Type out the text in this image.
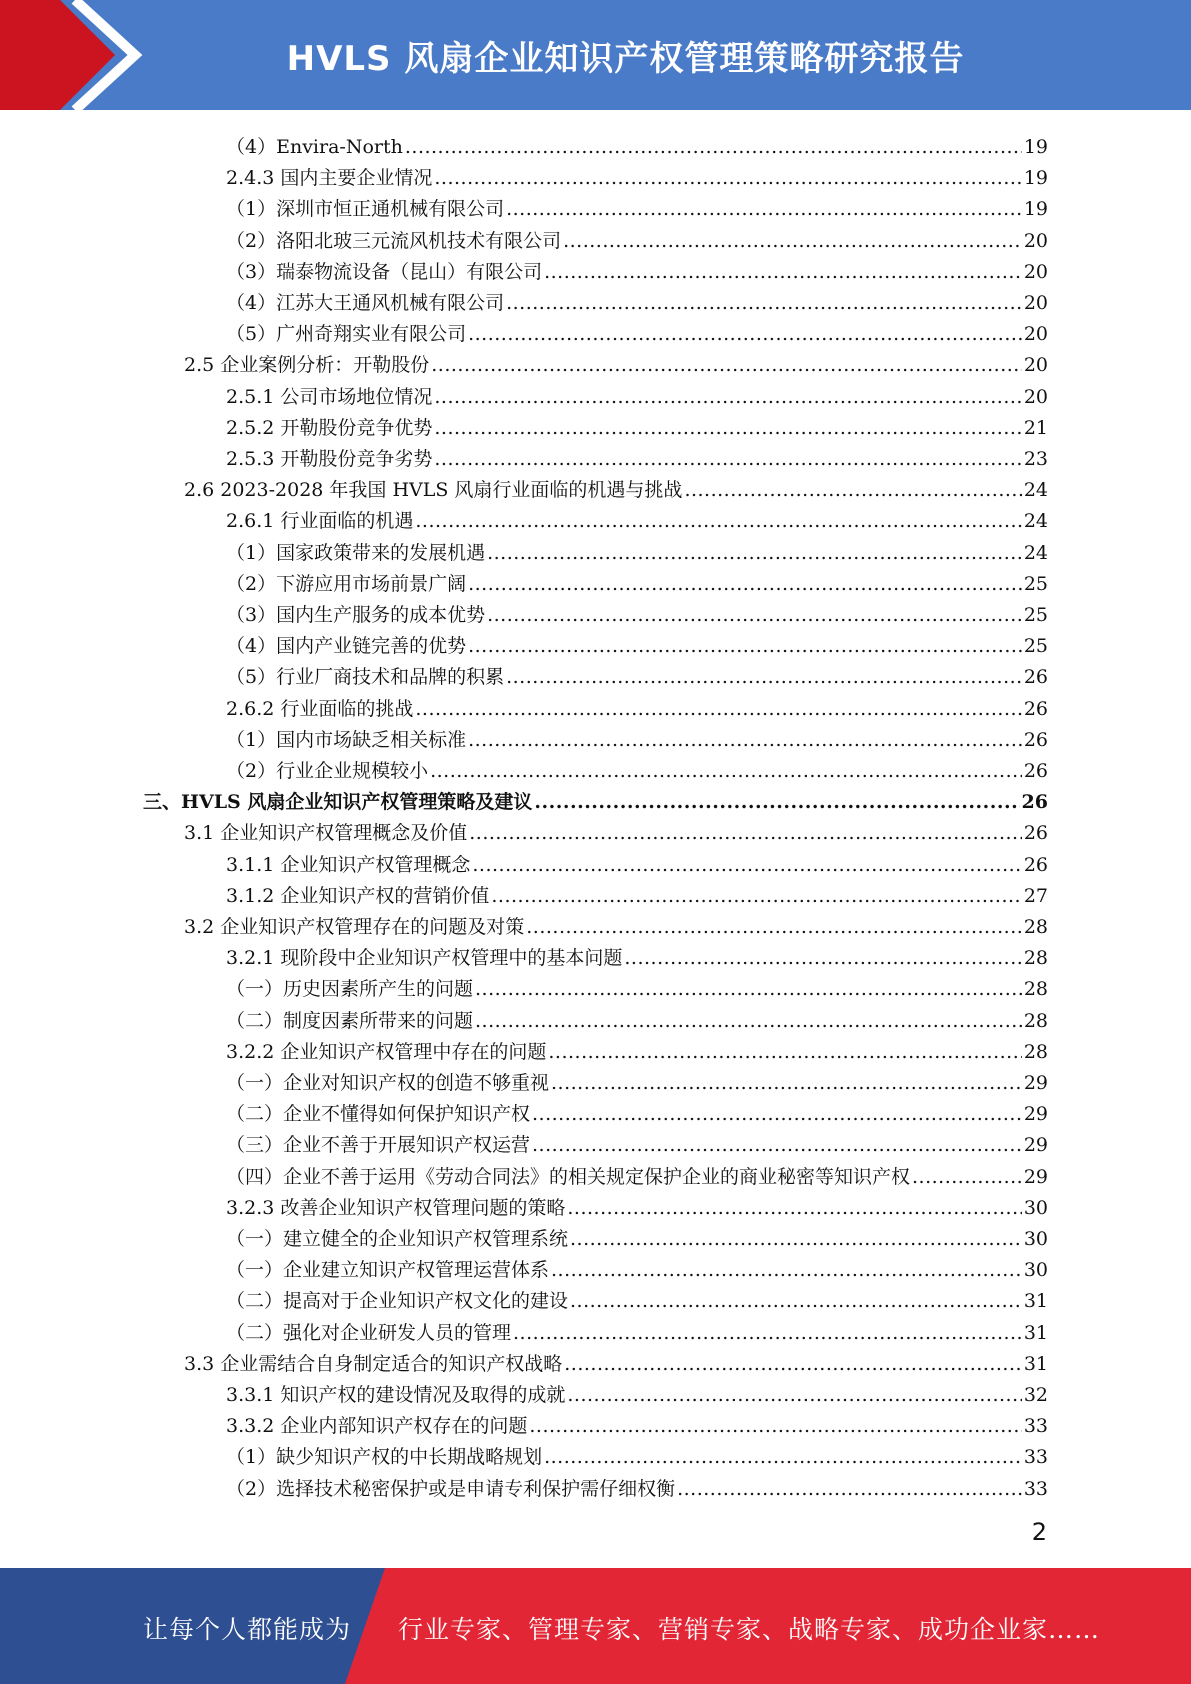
HVLS 风扇企业知识产权管理策略研究报告
（4）Envira-North .....	19
2.4.3 国内主要企业情况 .....	19
（1）深圳市恒正通机械有限公司 .....	19
（2）洛阳北玻三元流风机技术有限公司 .....	20
（3）瑞泰物流设备（昆山）有限公司 .....	20
（4）江苏大王通风机械有限公司 .....	20
（5）广州奇翔实业有限公司 .....	20
2.5 企业案例分析：开勒股份 .....	20
2.5.1 公司市场地位情况 .....	20
2.5.2 开勒股份竞争优势 .....	21
2.5.3 开勒股份竞争劣势 .....	23
2.6 2023-2028 年我国 HVLS 风扇行业面临的机遇与挑战 .....	24
2.6.1 行业面临的机遇 .....	24
（1）国家政策带来的发展机遇 .....	24
（2）下游应用市场前景广阔 .....	25
（3）国内生产服务的成本优势 .....	25
（4）国内产业链完善的优势 .....	25
（5）行业厂商技术和品牌的积累 .....	26
2.6.2 行业面临的挑战 .....	26
（1）国内市场缺乏相关标准 .....	26
（2）行业企业规模较小 .....	26
三、HVLS 风扇企业知识产权管理策略及建议 .....	26
3.1 企业知识产权管理概念及价值 .....	26
3.1.1 企业知识产权管理概念 .....	26
3.1.2 企业知识产权的营销价值 .....	27
3.2 企业知识产权管理存在的问题及对策 .....	28
3.2.1 现阶段中企业知识产权管理中的基本问题 .....	28
（一）历史因素所产生的问题 .....	28
（二）制度因素所带来的问题 .....	28
3.2.2 企业知识产权管理中存在的问题 .....	28
（一）企业对知识产权的创造不够重视 .....	29
（二）企业不懂得如何保护知识产权 .....	29
（三）企业不善于开展知识产权运营 .....	29
（四）企业不善于运用《劳动合同法》的相关规定保护企业的商业秘密等知识产权 .....	29
3.2.3 改善企业知识产权管理问题的策略 .....	30
（一）建立健全的企业知识产权管理系统 .....	30
（一）企业建立知识产权管理运营体系 .....	30
（二）提高对于企业知识产权文化的建设 .....	31
（二）强化对企业研发人员的管理 .....	31
3.3 企业需结合自身制定适合的知识产权战略 .....	31
3.3.1 知识产权的建设情况及取得的成就 .....	32
3.3.2 企业内部知识产权存在的问题 .....	33
（1）缺少知识产权的中长期战略规划 .....	33
（2）选择技术秘密保护或是申请专利保护需仔细权衡 .....	33
2
让每个人都能成为 行业专家、管理专家、营销专家、战略专家、成功企业家……
